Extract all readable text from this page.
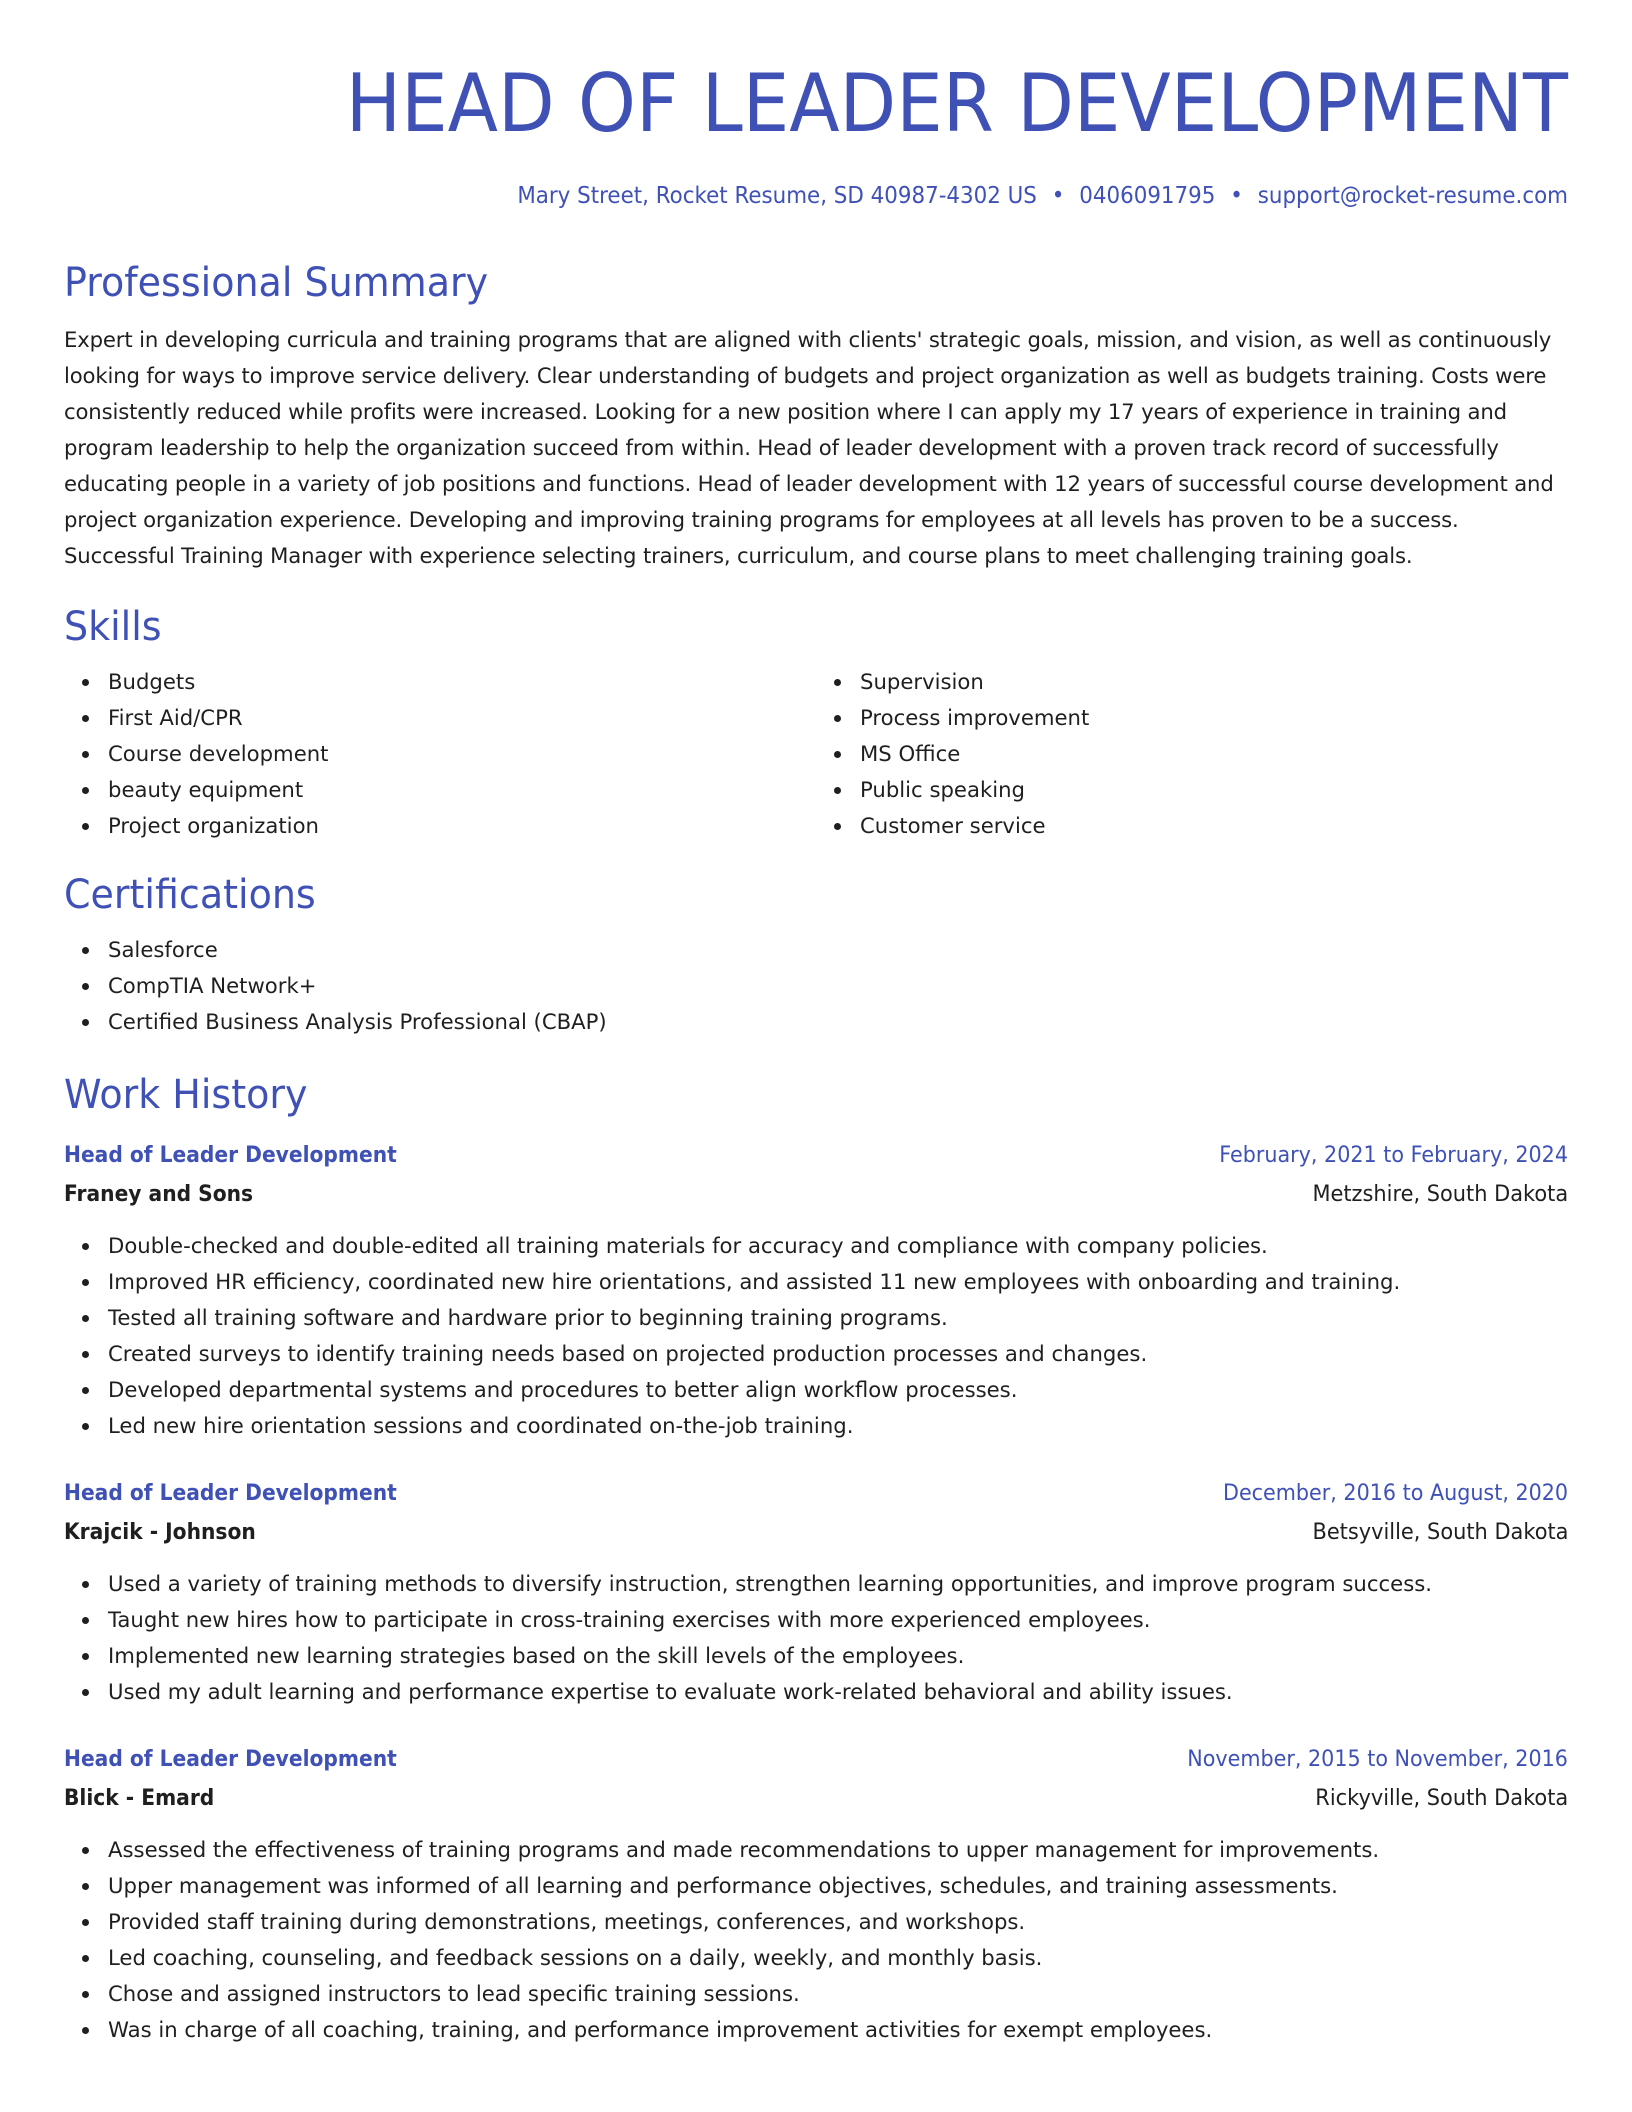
HEAD OF LEADER DEVELOPMENT
Mary Street, Rocket Resume, SD 40987-4302 US • 0406091795 • support@rocket-resume.com
Professional Summary
Expert in developing curricula and training programs that are aligned with clients' strategic goals, mission, and vision, as well as continuously looking for ways to improve service delivery. Clear understanding of budgets and project organization as well as budgets training. Costs were consistently reduced while profits were increased. Looking for a new position where I can apply my 17 years of experience in training and program leadership to help the organization succeed from within. Head of leader development with a proven track record of successfully educating people in a variety of job positions and functions. Head of leader development with 12 years of successful course development and project organization experience. Developing and improving training programs for employees at all levels has proven to be a success. Successful Training Manager with experience selecting trainers, curriculum, and course plans to meet challenging training goals.
Skills
Budgets
First Aid/CPR
Course development
beauty equipment
Project organization
Supervision
Process improvement
MS Office
Public speaking
Customer service
Certifications
Salesforce
CompTIA Network+
Certified Business Analysis Professional (CBAP)
Work History
Head of Leader Development	February, 2021 to February, 2024
Franey and Sons	Metzshire, South Dakota
Double-checked and double-edited all training materials for accuracy and compliance with company policies.
Improved HR efficiency, coordinated new hire orientations, and assisted 11 new employees with onboarding and training.
Tested all training software and hardware prior to beginning training programs.
Created surveys to identify training needs based on projected production processes and changes.
Developed departmental systems and procedures to better align workflow processes.
Led new hire orientation sessions and coordinated on-the-job training.
Head of Leader Development	December, 2016 to August, 2020
Krajcik - Johnson	Betsyville, South Dakota
Used a variety of training methods to diversify instruction, strengthen learning opportunities, and improve program success.
Taught new hires how to participate in cross-training exercises with more experienced employees.
Implemented new learning strategies based on the skill levels of the employees.
Used my adult learning and performance expertise to evaluate work-related behavioral and ability issues.
Head of Leader Development	November, 2015 to November, 2016
Blick - Emard	Rickyville, South Dakota
Assessed the effectiveness of training programs and made recommendations to upper management for improvements.
Upper management was informed of all learning and performance objectives, schedules, and training assessments.
Provided staff training during demonstrations, meetings, conferences, and workshops.
Led coaching, counseling, and feedback sessions on a daily, weekly, and monthly basis.
Chose and assigned instructors to lead specific training sessions.
Was in charge of all coaching, training, and performance improvement activities for exempt employees.
